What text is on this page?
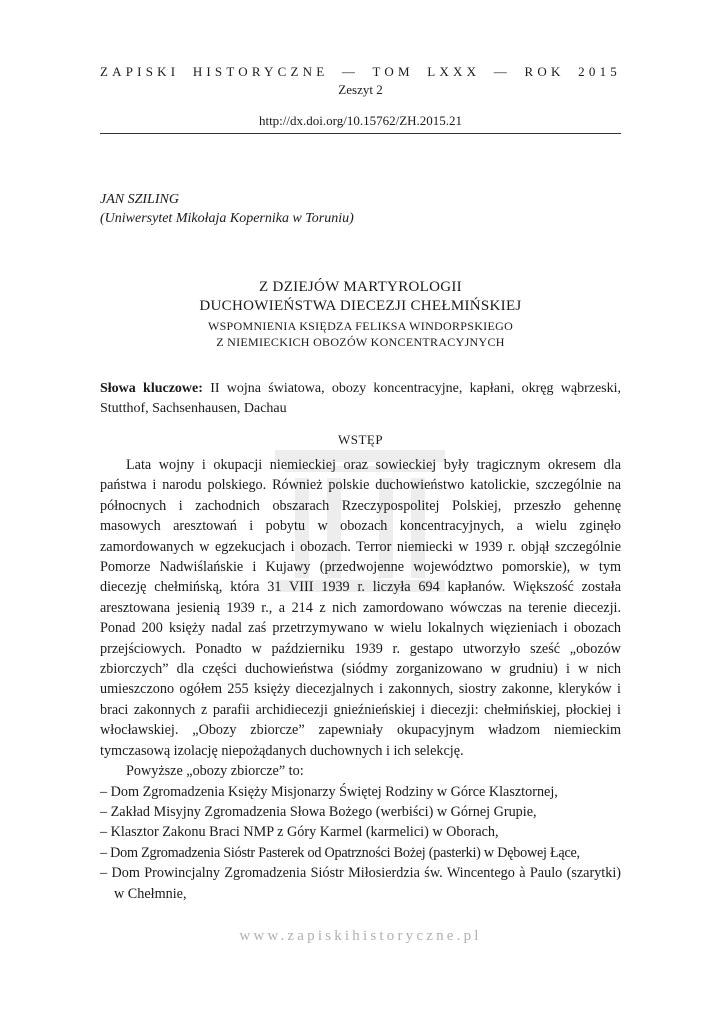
ZAPISKI HISTORYCZNE — TOM LXXX — ROK 2015
Zeszyt 2
http://dx.doi.org/10.15762/ZH.2015.21
JAN SZILING
(Uniwersytet Mikołaja Kopernika w Toruniu)
Z DZIEJÓW MARTYROLOGII
DUCHOWIEŃSTWA DIECEZJI CHEŁMIŃSKIEJ
WSPOMNIENIA KSIĘDZA FELIKSA WINDORPSKIEGO
Z NIEMIECKICH OBOZÓW KONCENTRACYJNYCH
Słowa kluczowe: II wojna światowa, obozy koncentracyjne, kapłani, okręg wąbrzeski, Stutthof, Sachsenhausen, Dachau
WSTĘP

Lata wojny i okupacji niemieckiej oraz sowieckiej były tragicznym okresem dla państwa i narodu polskiego. Również polskie duchowieństwo katolickie, szczególnie na północnych i zachodnich obszarach Rzeczypospolitej Polskiej, przeszło gehennę masowych aresztowań i pobytu w obozach koncentracyjnych, a wielu zginęło zamordowanych w egzekucjach i obozach. Terror niemiecki w 1939 r. objął szczególnie Pomorze Nadwiślańskie i Kujawy (przedwojenne województwo pomorskie), w tym diecezję chełmińską, która 31 VIII 1939 r. liczyła 694 kapłanów. Większość została aresztowana jesienią 1939 r., a 214 z nich zamordowano wówczas na terenie diecezji. Ponad 200 księży nadal zaś przetrzymywano w wielu lokalnych więzieniach i obozach przejściowych. Ponadto w październiku 1939 r. gestapo utworzyło sześć „obozów zbiorczych” dla części duchowieństwa (siódmy zorganizowano w grudniu) i w nich umieszczono ogółem 255 księży diecezjalnych i zakonnych, siostry zakonne, kleryków i braci zakonnych z parafii archidiecezji gnieźnieńskiej i diecezji: chełmińskiej, płockiej i włocławskiej. „Obozy zbiorcze” zapewniały okupacyjnym władzom niemieckim tymczasową izolację niepożądanych duchownych i ich selekcję.

Powyższe „obozy zbiorcze” to:

– Dom Zgromadzenia Księży Misjonarzy Świętej Rodziny w Górce Klasztornej,
– Zakład Misyjny Zgromadzenia Słowa Bożego (werbiści) w Górnej Grupie,
– Klasztor Zakonu Braci NMP z Góry Karmel (karmelici) w Oborach,
– Dom Zgromadzenia Sióstr Pasterek od Opatrzności Bożej (pasterki) w Dębowej Łące,
– Dom Prowincjalny Zgromadzenia Sióstr Miłosierdzia św. Wincentego à Paulo (szarytki) w Chełmnie,
www.zapiskihistoryczne.pl
